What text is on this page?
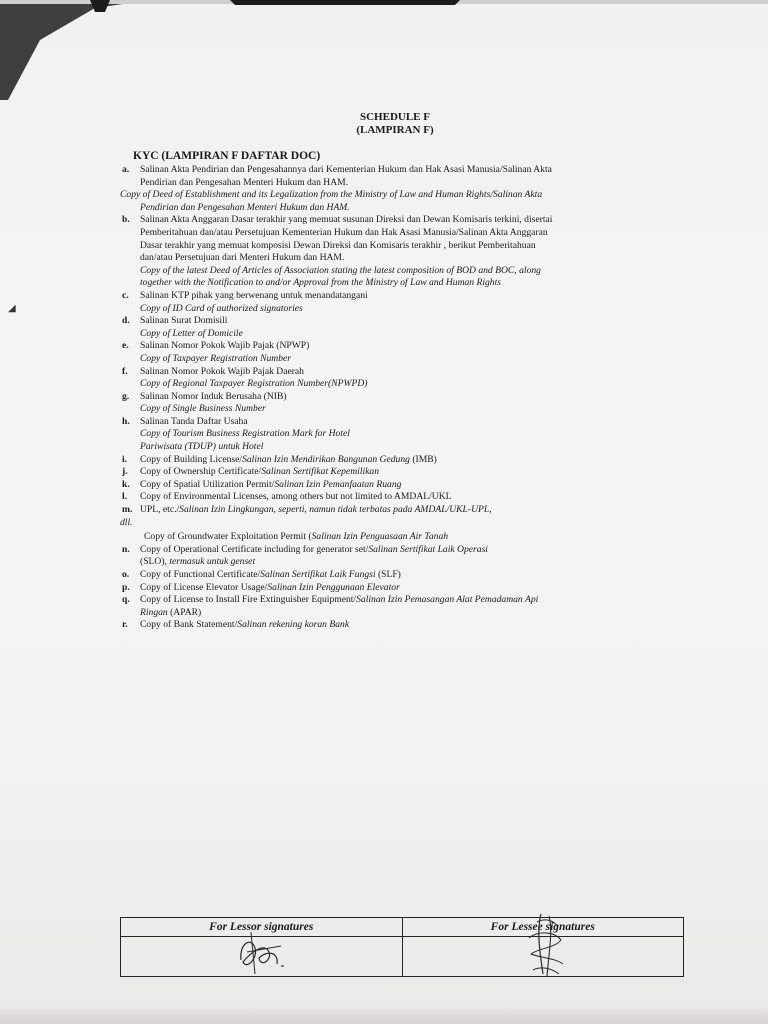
SCHEDULE F
(LAMPIRAN F)
KYC (LAMPIRAN F DAFTAR DOC)
◢
a. Salinan Akta Pendirian dan Pengesahannya dari Kementerian Hukum dan Hak Asasi Manusia/Salinan Akta
Pendirian dan Pengesahan Menteri Hukum dan HAM.
Copy of Deed of Establishment and its Legalization from the Ministry of Law and Human Rights/Salinan Akta
Pendirian dan Pengesahan Menteri Hukum dan HAM.
b. Salinan Akta Anggaran Dasar terakhir yang memuat susunan Direksi dan Dewan Komisaris terkini, disertai
Pemberitahuan dan/atau Persetujuan Kementerian Hukum dan Hak Asasi Manusia/Salinan Akta Anggaran
Dasar terakhir yang memuat komposisi Dewan Direksi dan Komisaris terakhir , berikut Pemberitahuan
dan/atau Persetujuan dari Menteri Hukum dan HAM.
Copy of the latest Deed of Articles of Association stating the latest composition of BOD and BOC, along
together with the Notification to and/or Approval from the Ministry of Law and Human Rights
c. Salinan KTP pihak yang berwenang untuk menandatangani
Copy of ID Card of authorized signatories
d. Salinan Surat Domisili
Copy of Letter of Domicile
e. Salinan Nomor Pokok Wajib Pajak (NPWP)
Copy of Taxpayer Registration Number
f. Salinan Nomor Pokok Wajib Pajak Daerah
Copy of Regional Taxpayer Registration Number(NPWPD)
g. Salinan Nomor Induk Berusaha (NIB)
Copy of Single Business Number
h. Salinan Tanda Daftar Usaha
Copy of Tourism Business Registration Mark for Hotel
Pariwisata (TDUP) untuk Hotel
i. Copy of Building License/Salinan Izin Mendirikan Bangunan Gedung (IMB)
j. Copy of Ownership Certificate/Salinan Sertifikat Kepemilikan
k. Copy of Spatial Utilization Permit/Salinan Izin Pemanfaatan Ruang
l. Copy of Environmental Licenses, among others but not limited to AMDAL/UKL
m. UPL, etc./Salinan Izin Lingkungan, seperti, namun tidak terbatas pada AMDAL/UKL-UPL,
dll.
Copy of Groundwater Exploitation Permit (Salinan Izin Penguasaan Air Tanah
n. Copy of Operational Certificate including for generator set/Salinan Sertifikat Laik Operasi
(SLO), termasuk untuk genset
o. Copy of Functional Certificate/Salinan Sertifikat Laik Fungsi (SLF)
p. Copy of License Elevator Usage/Salinan Izin Penggunaan Elevator
q. Copy of License to Install Fire Extinguisher Equipment/Salinan Izin Pemasangan Alat Pemadaman Api
Ringan (APAR)
r. Copy of Bank Statement/Salinan rekening koran Bank
For Lessor signatures	For Lessee signatures
